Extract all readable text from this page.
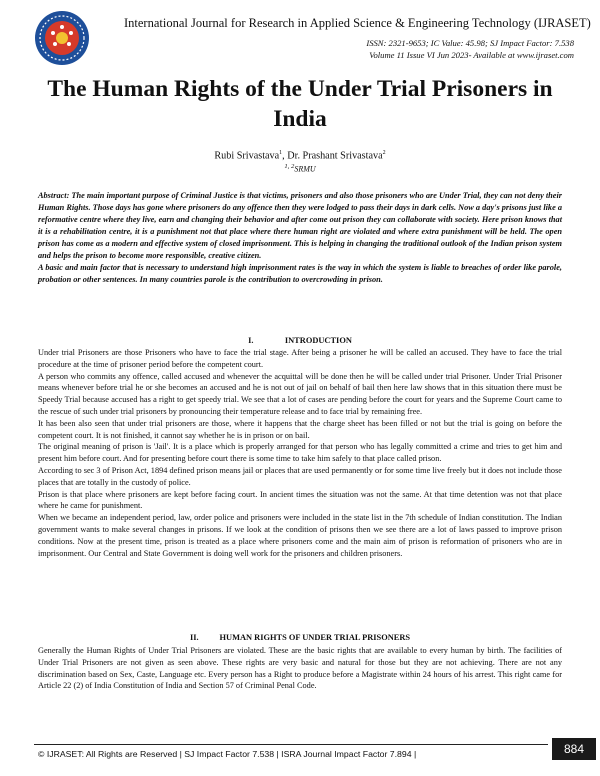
International Journal for Research in Applied Science & Engineering Technology (IJRASET)
ISSN: 2321-9653; IC Value: 45.98; SJ Impact Factor: 7.538
Volume 11 Issue VI Jun 2023- Available at www.ijraset.com
The Human Rights of the Under Trial Prisoners in
India
Rubi Srivastava$^1$, Dr. Prashant Srivastava$^2$
$^{1, 2}$SRMU

Abstract: The main important purpose of Criminal Justice is that victims, prisoners and also those prisoners who are Under Trial, they can not deny their Human Rights. Those days has gone where prisoners do any offence then they were lodged to pass their days in dark cells. Now a day's prisons just like a reformative centre where they live, earn and changing their behavior and after come out prison they can collaborate with society. Here prison knows that it is a rehabilitation centre, it is a punishment not that place where there human right are violated and where extra punishment will be held. The open prison has come as a modern and effective system of closed imprisonment. This is helping in changing the traditional outlook of the Indian prison system and helps the prison to become more responsible, creative citizen.

A basic and main factor that is necessary to understand high imprisonment rates is the way in which the system is liable to breaches of order like parole, probation or other sentences. In many countries parole is the contribution to overcrowding in prison.

I.	INTRODUCTION

Under trial Prisoners are those Prisoners who have to face the trial stage. After being a prisoner he will be called an accused. They have to face the trial procedure at the time of prisoner period before the competent court.

A person who commits any offence, called accused and whenever the acquittal will be done then he will be called under trial Prisoner. Under Trial Prisoner means whenever before trial he or she becomes an accused and he is not out of jail on behalf of bail then here law shows that in this situation there must be Speedy Trial because accused has a right to get speedy trial. We see that a lot of cases are pending before the court for years and the Supreme Court came to the rescue of such under trial prisoners by pronouncing their temperature release and to face trial by remaining free.

It has been also seen that under trial prisoners are those, where it happens that the charge sheet has been filled or not but the trial is going on before the competent court. It is not finished, it cannot say whether he is in prison or on bail.

The original meaning of prison is 'Jail'. It is a place which is properly arranged for that person who has legally committed a crime and tries to get him and present him before court. And for presenting before court there is some time to take him safely to that place called prison.

According to sec 3 of Prison Act, 1894 defined prison means jail or places that are used permanently or for some time live freely but it does not include those places that are totally in the custody of police.

Prison is that place where prisoners are kept before facing court. In ancient times the situation was not the same. At that time detention was not that place where he came for punishment.

When we became an independent period, law, order police and prisoners were included in the state list in the 7th schedule of Indian constitution. The Indian government wants to make several changes in prisons. If we look at the condition of prisons then we see there are a lot of laws passed to improve prison conditions. Now at the present time, prison is treated as a place where prisoners come and the main aim of prison is reformation of prisoners who are in imprisonment. Our Central and State Government is doing well work for the prisoners and children prisoners.

II. HUMAN RIGHTS OF UNDER TRIAL PRISONERS

Generally the Human Rights of Under Trial Prisoners are violated. These are the basic rights that are available to every human by birth. The facilities of Under Trial Prisoners are not given as seen above. These rights are very basic and natural for those but they are not achieving. There are not any discrimination based on Sex, Caste, Language etc. Every person has a Right to produce before a Magistrate within 24 hours of his arrest. This right came for Article 22 (2) of India Constitution of India and Section 57 of Criminal Penal Code.

© IJRASET: All Rights are Reserved | SJ Impact Factor 7.538 | ISRA Journal Impact Factor 7.894 |	884
